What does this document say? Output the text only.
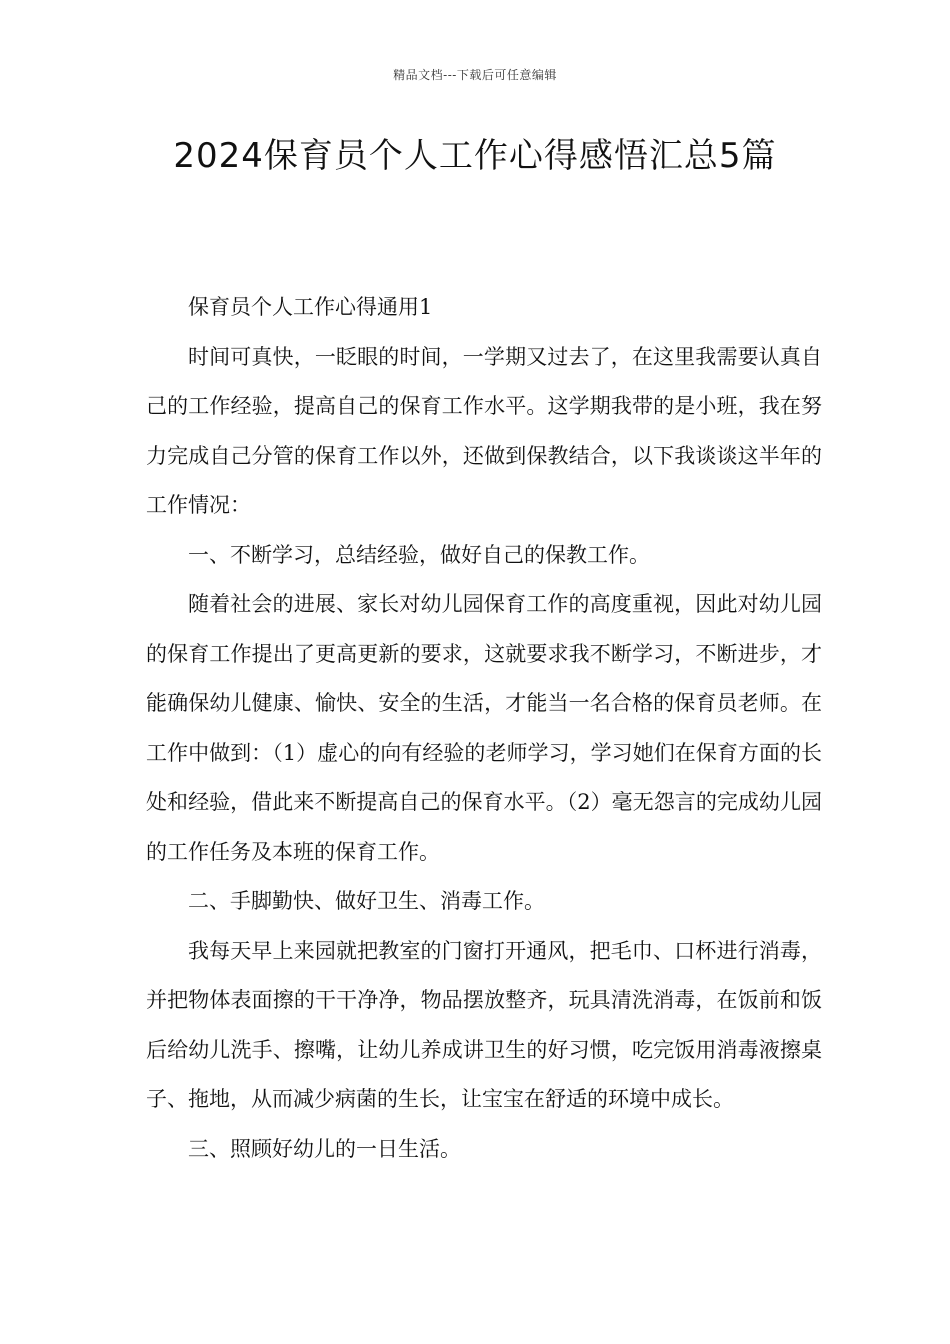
精品文档---下载后可任意编辑
2024保育员个人工作心得感悟汇总5篇

保育员个人工作心得通用1

时间可真快，一眨眼的时间，一学期又过去了，在这里我需要认真自己的工作经验，提高自己的保育工作水平。这学期我带的是小班，我在努力完成自己分管的保育工作以外，还做到保教结合，以下我谈谈这半年的工作情况：

一、不断学习，总结经验，做好自己的保教工作。

随着社会的进展、家长对幼儿园保育工作的高度重视，因此对幼儿园的保育工作提出了更高更新的要求，这就要求我不断学习，不断进步，才能确保幼儿健康、愉快、安全的生活，才能当一名合格的保育员老师。在工作中做到：（1）虚心的向有经验的老师学习，学习她们在保育方面的长处和经验，借此来不断提高自己的保育水平。（2）毫无怨言的完成幼儿园的工作任务及本班的保育工作。

二、手脚勤快、做好卫生、消毒工作。

我每天早上来园就把教室的门窗打开通风，把毛巾、口杯进行消毒，并把物体表面擦的干干净净，物品摆放整齐，玩具清洗消毒，在饭前和饭后给幼儿洗手、擦嘴，让幼儿养成讲卫生的好习惯，吃完饭用消毒液擦桌子、拖地，从而减少病菌的生长，让宝宝在舒适的环境中成长。

三、照顾好幼儿的一日生活。
